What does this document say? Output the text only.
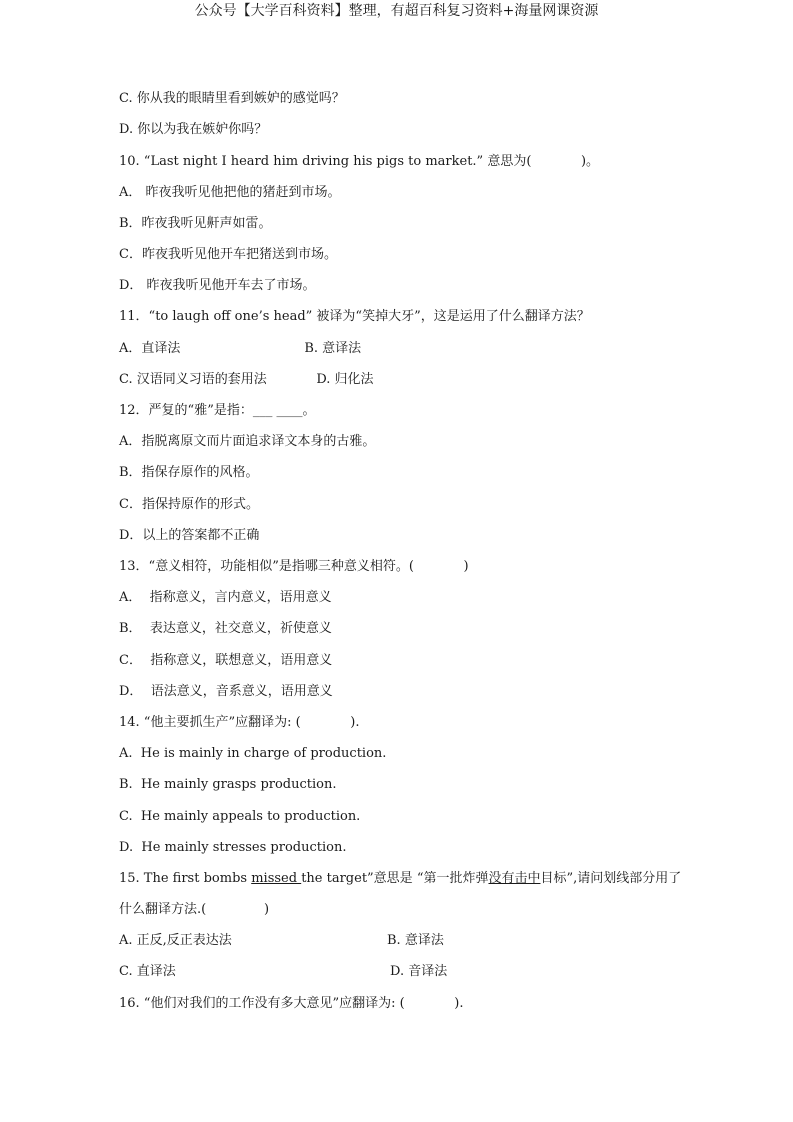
公众号【大学百科资料】整理，有超百科复习资料+海量网课资源
C. 你从我的眼睛里看到嫉妒的感觉吗？
D. 你以为我在嫉妒你吗？
10. “Last night I heard him driving his pigs to market.” 意思为(            )。
A． 昨夜我听见他把他的猪赶到市场。
B．昨夜我听见鼾声如雷。
C．昨夜我听见他开车把猪送到市场。
D． 昨夜我听见他开车去了市场。
11．“to laugh off one’s head” 被译为“笑掉大牙”，这是运用了什么翻译方法？
A．直译法                              B. 意译法
C. 汉语同义习语的套用法            D. 归化法
12．严复的“雅”是指：___ ____。
A．指脱离原文而片面追求译文本身的古雅。
B．指保存原作的风格。
C．指保持原作的形式。
D．以上的答案都不正确
13．“意义相符，功能相似”是指哪三种意义相符。(            )
A．  指称意义，言内意义，语用意义
B．  表达意义，社交意义，祈使意义
C．  指称意义，联想意义，语用意义
D．  语法意义，音系意义，语用意义
14. “他主要抓生产”应翻译为: (            ).
A.  He is mainly in charge of production.
B.  He mainly grasps production.
C.  He mainly appeals to production.
D.  He mainly stresses production.
15. The first bombs missed the target”意思是 “第一批炸弹没有击中目标”,请问划线部分用了
什么翻译方法.(              )
A. 正反,反正表达法	B. 意译法
C. 直译法	D. 音译法
16. “他们对我们的工作没有多大意见”应翻译为: (            ).
